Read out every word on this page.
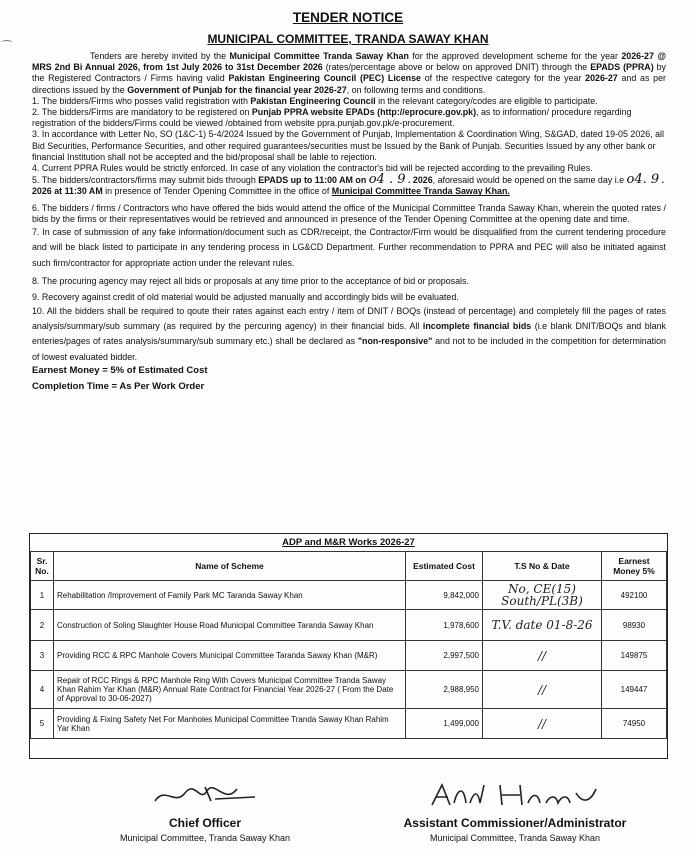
⁀
TENDER NOTICE
MUNICIPAL COMMITTEE, TRANDA SAWAY KHAN

Tenders are hereby invited by the Municipal Committee Tranda Saway Khan for the approved development scheme for the year 2026-27 @ MRS 2nd Bi Annual 2026, from 1st July 2026 to 31st December 2026 (rates/percentage above or below on approved DNIT) through the EPADS (PPRA) by the Registered Contractors / Firms having valid Pakistan Engineering Council (PEC) License of the respective category for the year 2026-27 and as per directions issued by the Government of Punjab for the financial year 2026-27, on following terms and conditions.

1. The bidders/Firms who posses valid registration with Pakistan Engineering Council in the relevant category/codes are eligible to participate.

2. The bidders/Firms are mandatory to be registered on Punjab PPRA website EPADs (http://eprocure.gov.pk), as to information/ procedure regarding registration of the bidders/Firms could be viewed /obtained from website ppra.punjab.gov.pk/e-procurement.

3. In accordance with Letter No, SO (1&C-1) 5-4/2024 Issued by the Government of Punjab, Implementation & Coordination Wing, S&GAD, dated 19-05 2026, all Bid Securities, Performance Securities, and other required guarantees/securities must be Issued by the Bank of Punjab. Securities Issued by any other bank or financial Institution shall not be accepted and the bid/proposal shall be lable to rejection.

4. Current PPRA Rules would be strictly enforced. In case of any violation the contractor's bid will be rejected according to the prevailing Rules.

5. The bidders/contractors/firms may submit bids through EPADS up to 11:00 AM on o4 . 9 . 2026, aforesaid would be opened on the same day i.e o4. 9 . 2026 at 11:30 AM in presence of Tender Opening Committee in the office of Municipal Committee Tranda Saway Khan.

6. The bidders / firms / Contractors who have offered the bids would attend the office of the Municipal Committee Tranda Saway Khan, wherein the quoted rates / bids by the firms or their representatives would be retrieved and announced in presence of the Tender Opening Committee at the opening date and time.

7. In case of submission of any fake information/document such as CDR/receipt, the Contractor/Firm would be disqualified from the current tendering procedure and will be black listed to participate in any tendering process in LG&CD Department. Further recommendation to PPRA and PEC will also be initiated against such firm/contractor for appropriate action under the relevant rules.

8. The procuring agency may reject all bids or proposals at any time prior to the acceptance of bid or proposals.

9. Recovery against credit of old material would be adjusted manually and accordingly bids will be evaluated.

10. All the bidders shall be required to qoute their rates against each entry / item of DNIT / BOQs (instead of percentage) and completely fill the pages of rates analysis/summary/sub summary (as required by the percuring agency) in their financial bids. All incomplete financial bids (i.e blank DNIT/BOQs and blank enteries/pages of rates analysis/summary/sub summary etc.) shall be declared as "non-responsive" and not to be included in the competition for determination of lowest evaluated bidder.

Earnest Money = 5% of Estimated Cost

Completion Time = As Per Work Order

ADP and M&R Works 2026-27
Sr. No.	Name of Scheme	Estimated Cost	T.S No & Date	Earnest Money 5%
1	Rehabilitation /Improvement of Family Park MC Taranda Saway Khan	9,842,000	No, CE(15) South/PL(3B)	492100
2	Construction of Soling Slaughter House Road Municipal Committee Taranda Saway Khan	1,978,600	T.V. date 01-8-26	98930
3	Providing RCC & RPC Manhole Covers Municipal Committee Taranda Saway Khan (M&R)	2,997,500	//	149875
4	Repair of RCC Rings & RPC Manhole Ring With Covers Municipal Committee Tranda Saway Khan Rahim Yar Khan (M&R) Annual Rate Contract for Financial Year 2026-27 ( From the Date of Approval to 30-06-2027)	2,988,950	//	149447
5	Providing & Fixing Safety Net For Manholes Municipal Committee Tranda Saway Khan Rahim Yar Khan	1,499,000	//	74950
Chief Officer
Municipal Committee, Tranda Saway Khan
Assistant Commissioner/Administrator
Municipal Committee, Tranda Saway Khan
